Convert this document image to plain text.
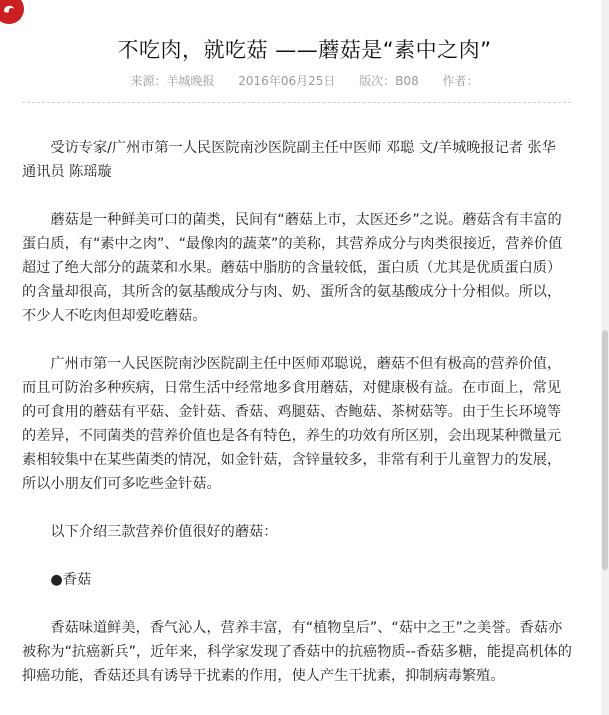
不吃肉，就吃菇 ——蘑菇是“素中之肉”
来源：羊城晚报 2016年06月25日 版次：B08 作者：

受访专家/广州市第一人民医院南沙医院副主任中医师 邓聪 文/羊城晚报记者 张华 通讯员 陈瑶璇

蘑菇是一种鲜美可口的菌类，民间有“蘑菇上市，太医还乡”之说。蘑菇含有丰富的蛋白质，有“素中之肉”、“最像肉的蔬菜”的美称，其营养成分与肉类很接近，营养价值超过了绝大部分的蔬菜和水果。蘑菇中脂肪的含量较低，蛋白质（尤其是优质蛋白质）的含量却很高，其所含的氨基酸成分与肉、奶、蛋所含的氨基酸成分十分相似。所以，不少人不吃肉但却爱吃蘑菇。

广州市第一人民医院南沙医院副主任中医师邓聪说，蘑菇不但有极高的营养价值，而且可防治多种疾病，日常生活中经常地多食用蘑菇，对健康极有益。在市面上，常见的可食用的蘑菇有平菇、金针菇、香菇、鸡腿菇、杏鲍菇、茶树菇等。由于生长环境等的差异，不同菌类的营养价值也是各有特色，养生的功效有所区别，会出现某种微量元素相较集中在某些菌类的情况，如金针菇，含锌量较多，非常有利于儿童智力的发展，所以小朋友们可多吃些金针菇。

以下介绍三款营养价值很好的蘑菇：

●香菇

香菇味道鲜美，香气沁人，营养丰富，有“植物皇后”、“菇中之王”之美誉。香菇亦被称为“抗癌新兵”，近年来，科学家发现了香菇中的抗癌物质--香菇多糖，能提高机体的抑癌功能，香菇还具有诱导干扰素的作用，使人产生干扰素，抑制病毒繁殖。
